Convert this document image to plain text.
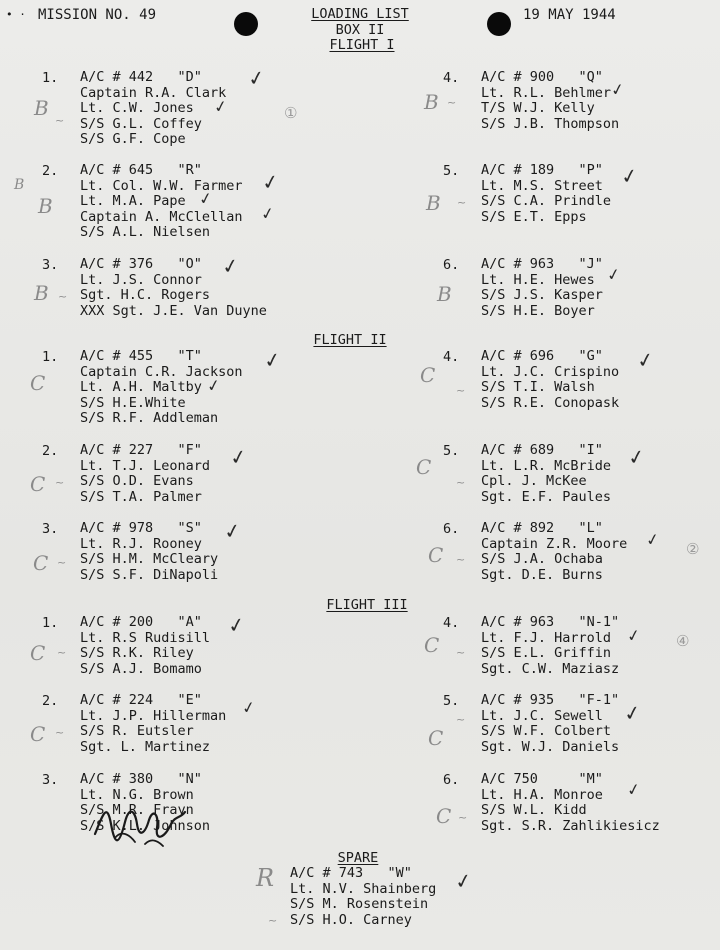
• · MISSION NO. 49	LOADING LIST
BOX II
19 MAY 1944
FLIGHT I
1. A/C # 442   "D"
Captain R.A. Clark
Lt. C.W. Jones
S/S G.L. Coffey
S/S G.F. Cope
2. A/C # 645   "R"
Lt. Col. W.W. Farmer
Lt. M.A. Pape
Captain A. McClellan
S/S A.L. Nielsen
3. A/C # 376   "O"
Lt. J.S. Connor
Sgt. H.C. Rogers
XXX Sgt. J.E. Van Duyne
4. A/C # 900   "Q"
Lt. R.L. Behlmer
T/S W.J. Kelly
S/S J.B. Thompson
5. A/C # 189   "P"
Lt. M.S. Street
S/S C.A. Prindle
S/S E.T. Epps
6. A/C # 963   "J"
Lt. H.E. Hewes
S/S J.S. Kasper
S/S H.E. Boyer
FLIGHT II
1. A/C # 455   "T"
Captain C.R. Jackson
Lt. A.H. Maltby
S/S H.E.White
S/S R.F. Addleman
2. A/C # 227   "F"
Lt. T.J. Leonard
S/S O.D. Evans
S/S T.A. Palmer
3. A/C # 978   "S"
Lt. R.J. Rooney
S/S H.M. McCleary
S/S S.F. DiNapoli
4. A/C # 696   "G"
Lt. J.C. Crispino
S/S T.I. Walsh
S/S R.E. Conopask
5. A/C # 689   "I"
Lt. L.R. McBride
Cpl. J. McKee
Sgt. E.F. Paules
6. A/C # 892   "L"
Captain Z.R. Moore
S/S J.A. Ochaba
Sgt. D.E. Burns
FLIGHT III
1. A/C # 200   "A"
Lt. R.S Rudisill
S/S R.K. Riley
S/S A.J. Bomamo
2. A/C # 224   "E"
Lt. J.P. Hillerman
S/S R. Eutsler
Sgt. L. Martinez
3. A/C # 380   "N"
Lt. N.G. Brown
S/S M.R. Frayn
S/S K.L. Johnson
4. A/C # 963   "N-1"
Lt. F.J. Harrold
S/S E.L. Griffin
Sgt. C.W. Maziasz
5. A/C # 935   "F-1"
Lt. J.C. Sewell
S/S W.F. Colbert
Sgt. W.J. Daniels
6. A/C 750     "M"
Lt. H.A. Monroe
S/S W.L. Kidd
Sgt. S.R. Zahlikiesicz
SPARE
A/C # 743   "W"
Lt. N.V. Shainberg
S/S M. Rosenstein
S/S H.O. Carney
✓
✓
✓
✓
✓
✓
✓
✓	✓
✓
✓
✓
✓	✓
✓	✓
✓	✓
✓	✓
✓
✓
B
~
B ~
B
B	B ~
B ~	B
C	C
~
C ~
C
~
C ~	C ~
C ~	C ~
C ~
~
C
C ~
R
~
①
②
④
